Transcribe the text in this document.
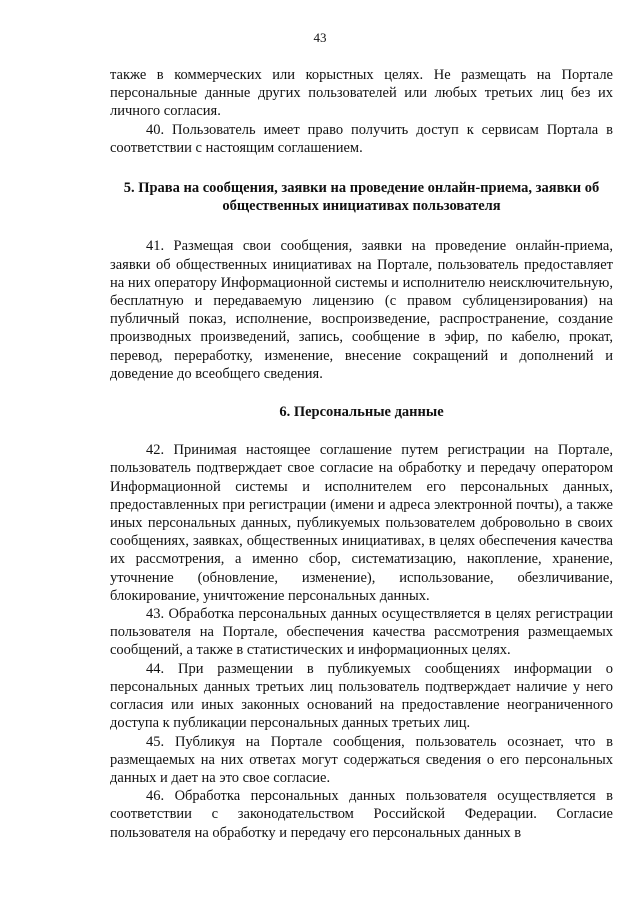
43

также в коммерческих или корыстных целях. Не размещать на Портале персональные данные других пользователей или любых третьих лиц без их личного согласия.

40. Пользователь имеет право получить доступ к сервисам Портала в соответствии с настоящим соглашением.

5. Права на сообщения, заявки на проведение онлайн-приема, заявки об общественных инициативах пользователя

41. Размещая свои сообщения, заявки на проведение онлайн-приема, заявки об общественных инициативах на Портале, пользователь предоставляет на них оператору Информационной системы и исполнителю неисключительную, бесплатную и передаваемую лицензию (с правом сублицензирования) на публичный показ, исполнение, воспроизведение, распространение, создание производных произведений, запись, сообщение в эфир, по кабелю, прокат, перевод, переработку, изменение, внесение сокращений и дополнений и доведение до всеобщего сведения.

6. Персональные данные

42. Принимая настоящее соглашение путем регистрации на Портале, пользователь подтверждает свое согласие на обработку и передачу оператором Информационной системы и исполнителем его персональных данных, предоставленных при регистрации (имени и адреса электронной почты), а также иных персональных данных, публикуемых пользователем добровольно в своих сообщениях, заявках, общественных инициативах, в целях обеспечения качества их рассмотрения, а именно сбор, систематизацию, накопление, хранение, уточнение (обновление, изменение), использование, обезличивание, блокирование, уничтожение персональных данных.

43. Обработка персональных данных осуществляется в целях регистрации пользователя на Портале, обеспечения качества рассмотрения размещаемых сообщений, а также в статистических и информационных целях.

44. При размещении в публикуемых сообщениях информации о персональных данных третьих лиц пользователь подтверждает наличие у него согласия или иных законных оснований на предоставление неограниченного доступа к публикации персональных данных третьих лиц.

45. Публикуя на Портале сообщения, пользователь осознает, что в размещаемых на них ответах могут содержаться сведения о его персональных данных и дает на это свое согласие.

46. Обработка персональных данных пользователя осуществляется в соответствии с законодательством Российской Федерации. Согласие пользователя на обработку и передачу его персональных данных в
